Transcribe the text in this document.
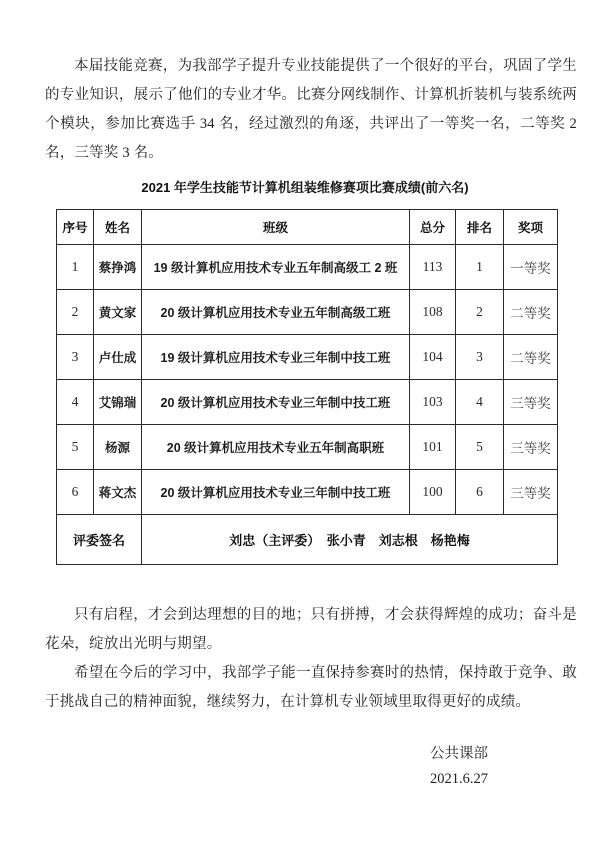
本届技能竞赛，为我部学子提升专业技能提供了一个很好的平台，巩固了学生的专业知识，展示了他们的专业才华。比赛分网线制作、计算机折装机与装系统两个模块，参加比赛选手 34 名，经过激烈的角逐，共评出了一等奖一名，二等奖 2 名，三等奖 3 名。

2021 年学生技能节计算机组装维修赛项比赛成绩(前六名)
序号	姓名	班级	总分	排名	奖项
1	蔡挣鸿	19 级计算机应用技术专业五年制高级工 2 班	113	1	一等奖
2	黄文家	20 级计算机应用技术专业五年制高级工班	108	2	二等奖
3	卢仕成	19 级计算机应用技术专业三年制中技工班	104	3	二等奖
4	艾锦瑞	20 级计算机应用技术专业三年制中技工班	103	4	三等奖
5	杨源	20 级计算机应用技术专业五年制高职班	101	5	三等奖
6	蒋文杰	20 级计算机应用技术专业三年制中技工班	100	6	三等奖
评委签名		刘忠（主评委）　张小青　刘志根　杨艳梅			

只有启程，才会到达理想的目的地；只有拼搏，才会获得辉煌的成功；奋斗是花朵，绽放出光明与期望。

希望在今后的学习中，我部学子能一直保持参赛时的热情，保持敢于竞争、敢于挑战自己的精神面貌，继续努力，在计算机专业领域里取得更好的成绩。

公共课部
2021.6.27
